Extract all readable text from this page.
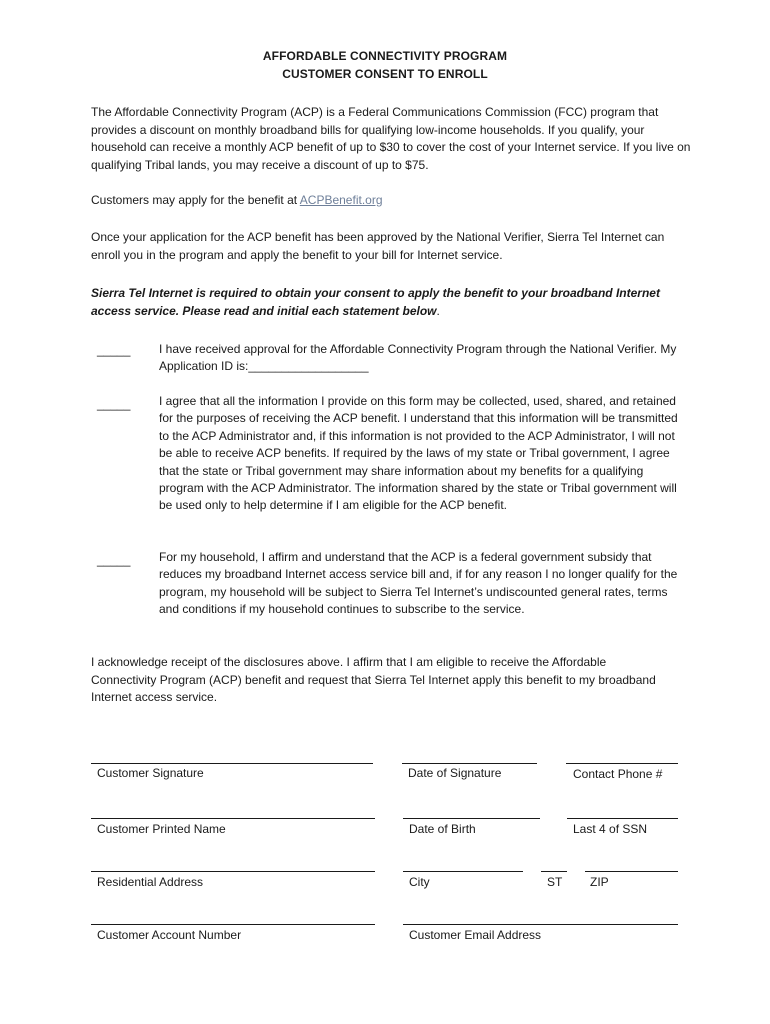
AFFORDABLE CONNECTIVITY PROGRAM
CUSTOMER CONSENT TO ENROLL

The Affordable Connectivity Program (ACP) is a Federal Communications Commission (FCC) program that provides a discount on monthly broadband bills for qualifying low-income households. If you qualify, your household can receive a monthly ACP benefit of up to $30 to cover the cost of your Internet service. If you live on qualifying Tribal lands, you may receive a discount of up to $75.

Customers may apply for the benefit at ACPBenefit.org

Once your application for the ACP benefit has been approved by the National Verifier, Sierra Tel Internet can enroll you in the program and apply the benefit to your bill for Internet service.

Sierra Tel Internet is required to obtain your consent to apply the benefit to your broadband Internet access service. Please read and initial each statement below.

_____ I have received approval for the Affordable Connectivity Program through the National Verifier. My Application ID is:__________________

_____ I agree that all the information I provide on this form may be collected, used, shared, and retained for the purposes of receiving the ACP benefit. I understand that this information will be transmitted to the ACP Administrator and, if this information is not provided to the ACP Administrator, I will not be able to receive ACP benefits. If required by the laws of my state or Tribal government, I agree that the state or Tribal government may share information about my benefits for a qualifying program with the ACP Administrator. The information shared by the state or Tribal government will be used only to help determine if I am eligible for the ACP benefit.

_____ For my household, I affirm and understand that the ACP is a federal government subsidy that reduces my broadband Internet access service bill and, if for any reason I no longer qualify for the program, my household will be subject to Sierra Tel Internet’s undiscounted general rates, terms and conditions if my household continues to subscribe to the service.

I acknowledge receipt of the disclosures above. I affirm that I am eligible to receive the Affordable Connectivity Program (ACP) benefit and request that Sierra Tel Internet apply this benefit to my broadband Internet access service.

Customer Signature	Date of Signature	Contact Phone #
Customer Printed Name	Date of Birth	Last 4 of SSN
Residential Address	City	ST ZIP
Customer Account Number	Customer Email Address
